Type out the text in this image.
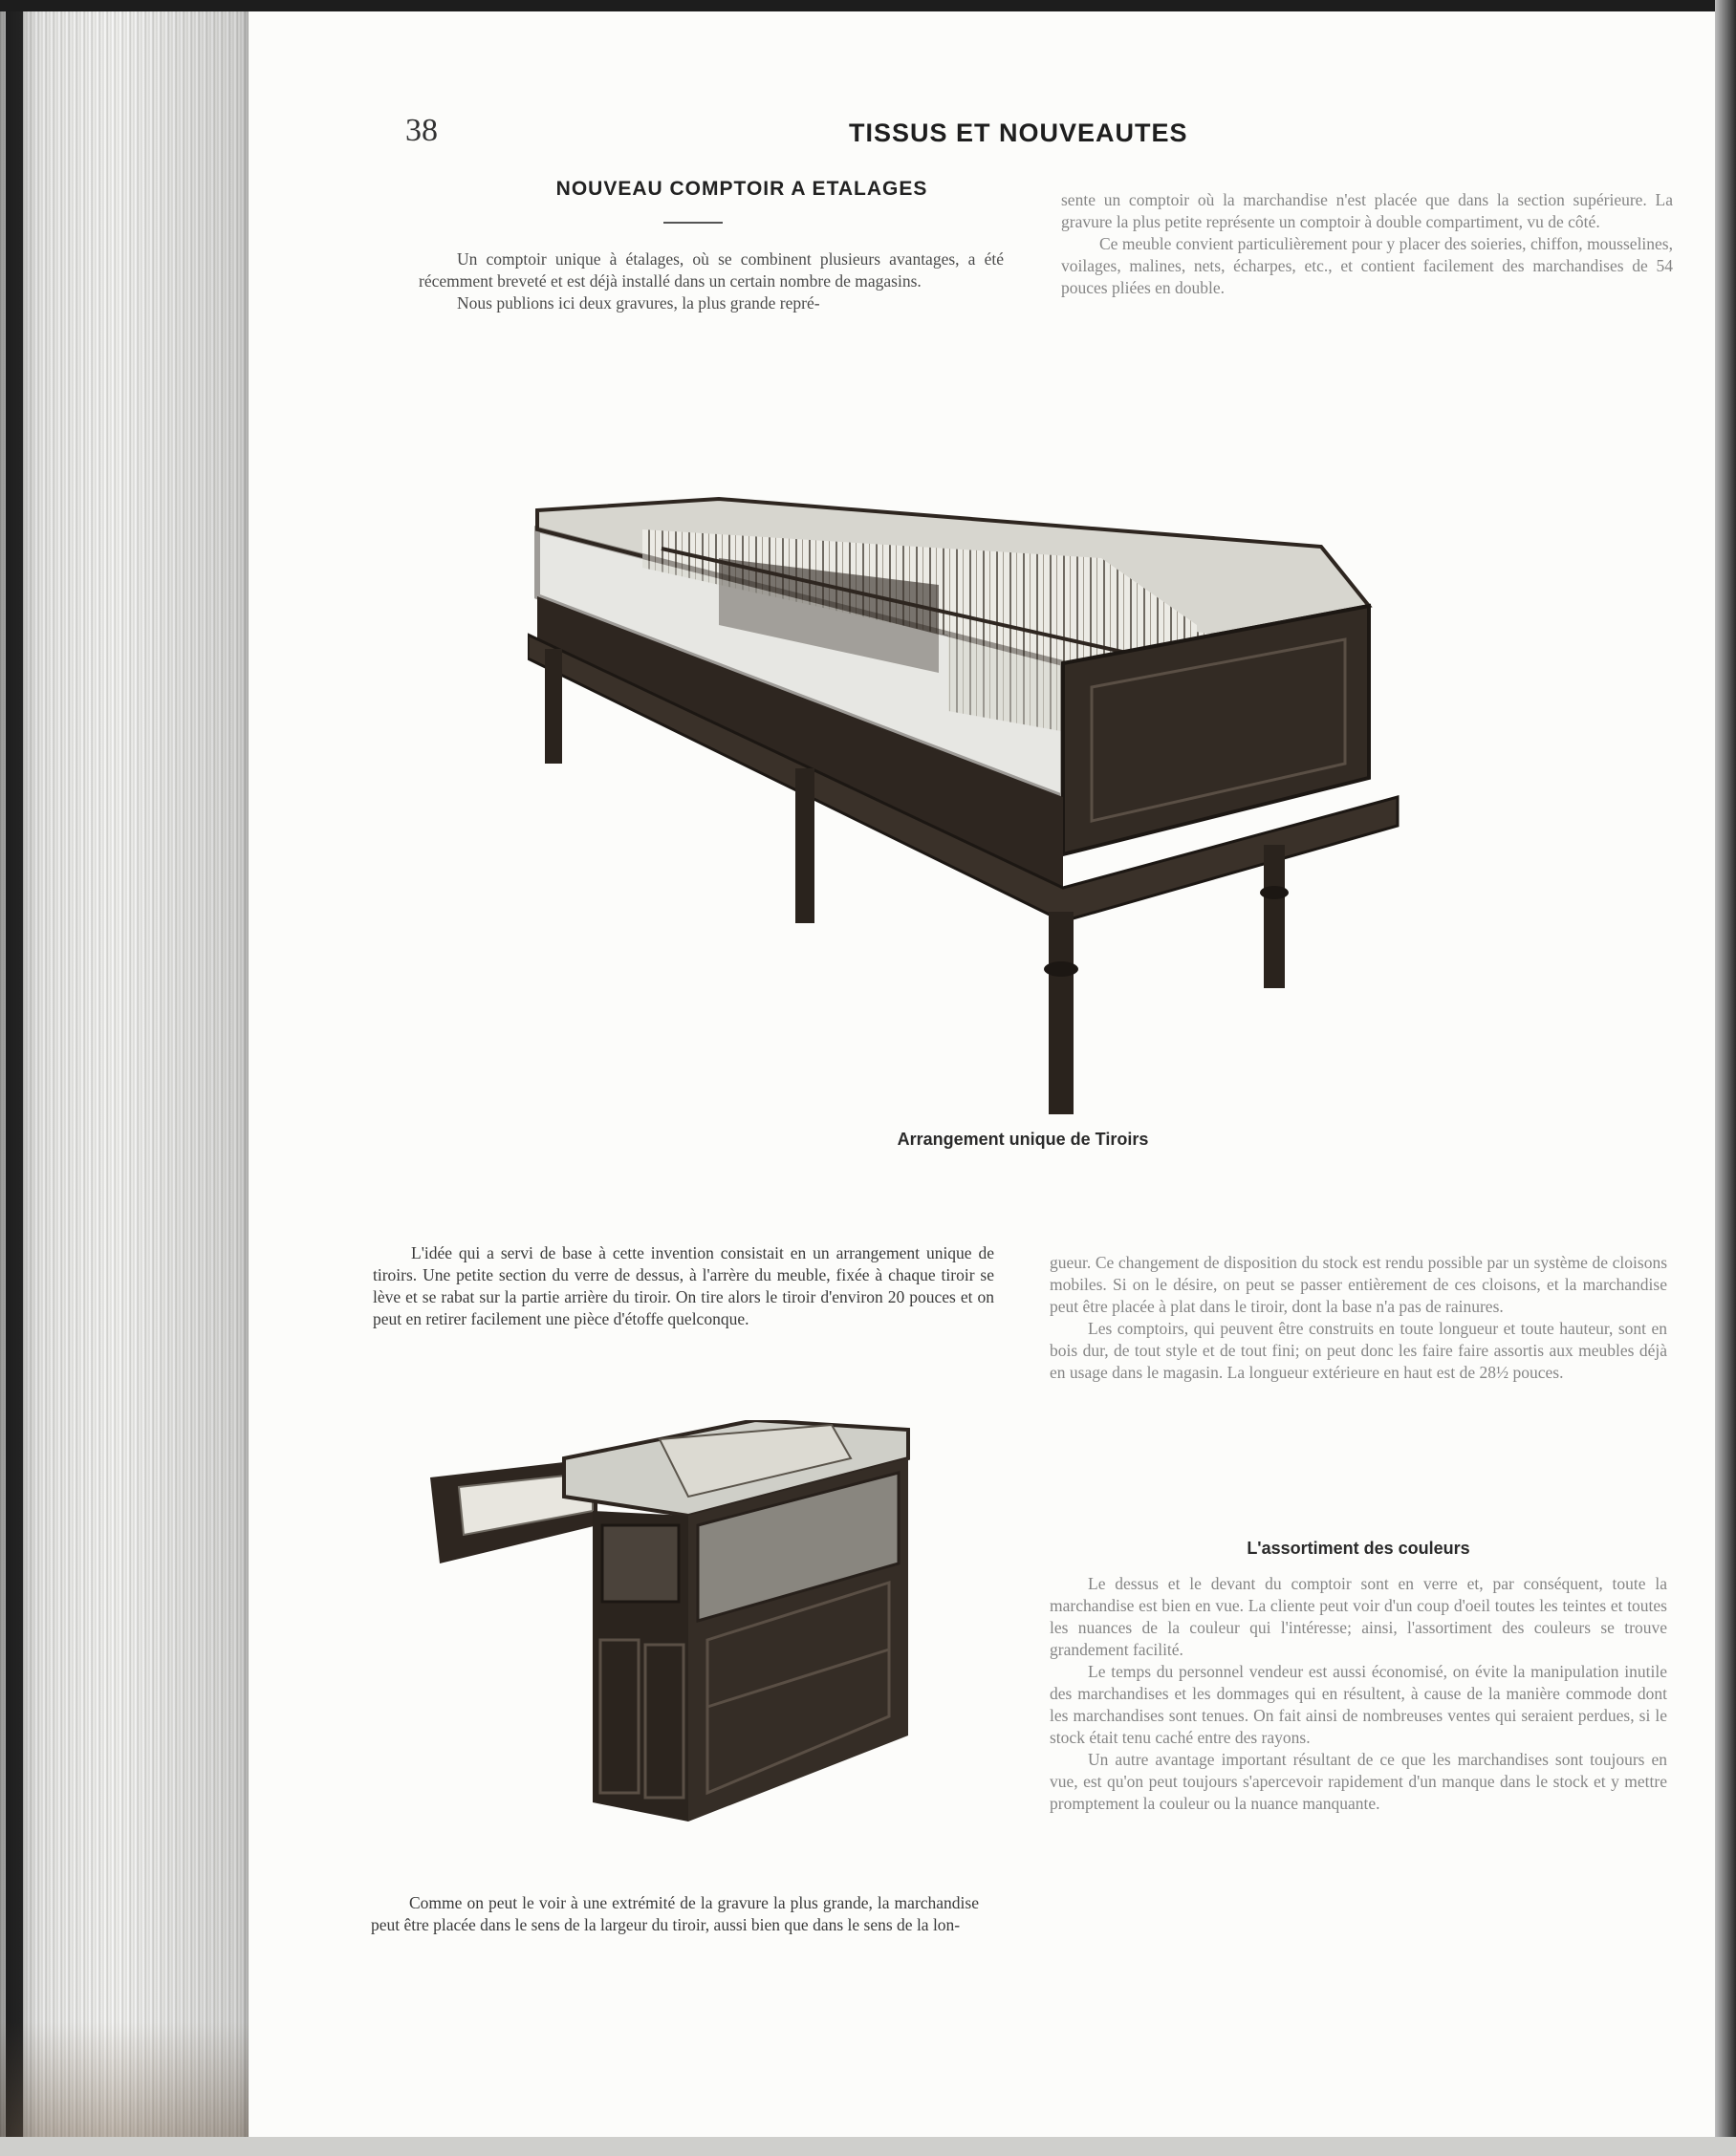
38	TISSUS ET NOUVEAUTES
NOUVEAU COMPTOIR A ETALAGES

Un comptoir unique à étalages, où se combinent plusieurs avantages, a été récemment breveté et est déjà installé dans un certain nombre de magasins.

Nous publions ici deux gravures, la plus grande repré-

sente un comptoir où la marchandise n'est placée que dans la section supérieure. La gravure la plus petite représente un comptoir à double compartiment, vu de côté.

Ce meuble convient particulièrement pour y placer des soieries, chiffon, mousselines, voilages, malines, nets, écharpes, etc., et contient facilement des marchandises de 54 pouces pliées en double.

Arrangement unique de Tiroirs

L'idée qui a servi de base à cette invention consistait en un arrangement unique de tiroirs. Une petite section du verre de dessus, à l'arrère du meuble, fixée à chaque tiroir se lève et se rabat sur la partie arrière du tiroir. On tire alors le tiroir d'environ 20 pouces et on peut en retirer facilement une pièce d'étoffe quelconque.

Comme on peut le voir à une extrémité de la gravure la plus grande, la marchandise peut être placée dans le sens de la largeur du tiroir, aussi bien que dans le sens de la lon-

gueur. Ce changement de disposition du stock est rendu possible par un système de cloisons mobiles. Si on le désire, on peut se passer entièrement de ces cloisons, et la marchandise peut être placée à plat dans le tiroir, dont la base n'a pas de rainures.

Les comptoirs, qui peuvent être construits en toute longueur et toute hauteur, sont en bois dur, de tout style et de tout fini; on peut donc les faire faire assortis aux meubles déjà en usage dans le magasin. La longueur extérieure en haut est de 28½ pouces.

L'assortiment des couleurs

Le dessus et le devant du comptoir sont en verre et, par conséquent, toute la marchandise est bien en vue. La cliente peut voir d'un coup d'oeil toutes les teintes et toutes les nuances de la couleur qui l'intéresse; ainsi, l'assortiment des couleurs se trouve grandement facilité.

Le temps du personnel vendeur est aussi économisé, on évite la manipulation inutile des marchandises et les dommages qui en résultent, à cause de la manière commode dont les marchandises sont tenues. On fait ainsi de nombreuses ventes qui seraient perdues, si le stock était tenu caché entre des rayons.

Un autre avantage important résultant de ce que les marchandises sont toujours en vue, est qu'on peut toujours s'apercevoir rapidement d'un manque dans le stock et y mettre promptement la couleur ou la nuance manquante.
